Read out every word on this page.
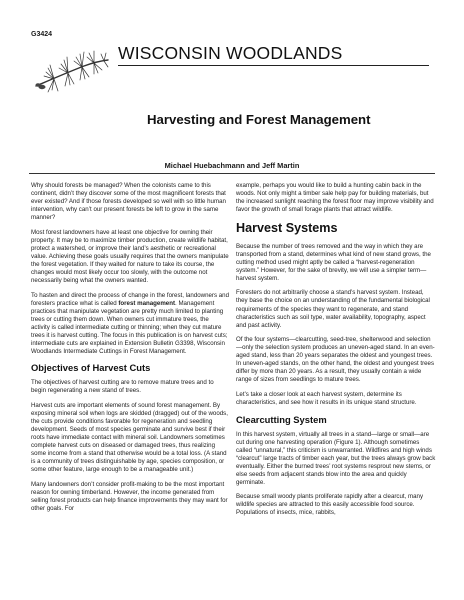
G3424
WISCONSIN WOODLANDS
Harvesting and Forest Management
Michael Huebachmann and Jeff Martin

Why should forests be managed? When the colonists came to this continent, didn’t they discover some of the most magnificent forests that ever existed? And if those forests developed so well with so little human intervention, why can’t our present forests be left to grow in the same manner?

Most forest landowners have at least one objective for owning their property. It may be to maximize timber production, create wildlife habitat, protect a watershed, or improve their land’s aesthetic or recreational value. Achieving these goals usually requires that the owners manipulate the forest vegetation. If they waited for nature to take its course, the changes would most likely occur too slowly, with the outcome not necessarily being what the owners wanted.

To hasten and direct the process of change in the forest, landowners and foresters practice what is called forest management. Management practices that manipulate vegetation are pretty much limited to planting trees or cutting them down. When owners cut immature trees, the activity is called intermediate cutting or thinning; when they cut mature trees it is harvest cutting. The focus in this publication is on harvest cuts; intermediate cuts are explained in Extension Bulletin G3398, Wisconsin Woodlands Intermediate Cuttings in Forest Management.

Objectives of Harvest Cuts

The objectives of harvest cutting are to remove mature trees and to begin regenerating a new stand of trees.

Harvest cuts are important elements of sound forest management. By exposing mineral soil when logs are skidded (dragged) out of the woods, the cuts provide conditions favorable for regeneration and seedling development. Seeds of most species germinate and survive best if their roots have immediate contact with mineral soil. Landowners sometimes complete harvest cuts on diseased or damaged trees, thus realizing some income from a stand that otherwise would be a total loss. (A stand is a community of trees distinguishable by age, species composition, or some other feature, large enough to be a manageable unit.)

Many landowners don’t consider profit-making to be the most important reason for owning timberland. However, the income generated from selling forest products can help finance improvements they may want for other goals. For

example, perhaps you would like to build a hunting cabin back in the woods. Not only might a timber sale help pay for building materials, but the increased sunlight reaching the forest floor may improve visibility and favor the growth of small forage plants that attract wildlife.

Harvest Systems

Because the number of trees removed and the way in which they are transported from a stand, determines what kind of new stand grows, the cutting method used might aptly be called a “harvest-regeneration system.” However, for the sake of brevity, we will use a simpler term—harvest system.

Foresters do not arbitrarily choose a stand’s harvest system. Instead, they base the choice on an understanding of the fundamental biological requirements of the species they want to regenerate, and stand characteristics such as soil type, water availability, topography, aspect and past activity.

Of the four systems—clearcutting, seed-tree, shelterwood and selection—only the selection system produces an uneven-aged stand. In an even-aged stand, less than 20 years separates the oldest and youngest trees. In uneven-aged stands, on the other hand, the oldest and youngest trees differ by more than 20 years. As a result, they usually contain a wide range of sizes from seedlings to mature trees.

Let’s take a closer look at each harvest system, determine its characteristics, and see how it results in its unique stand structure.

Clearcutting System

In this harvest system, virtually all trees in a stand—large or small—are cut during one harvesting operation (Figure 1). Although sometimes called “unnatural,” this criticism is unwarranted. Wildfires and high winds “clearcut” large tracts of timber each year, but the trees always grow back eventually. Either the burned trees’ root systems resprout new stems, or else seeds from adjacent stands blow into the area and quickly germinate.

Because small woody plants proliferate rapidly after a clearcut, many wildlife species are attracted to this easily accessible food source. Populations of insects, mice, rabbits,
